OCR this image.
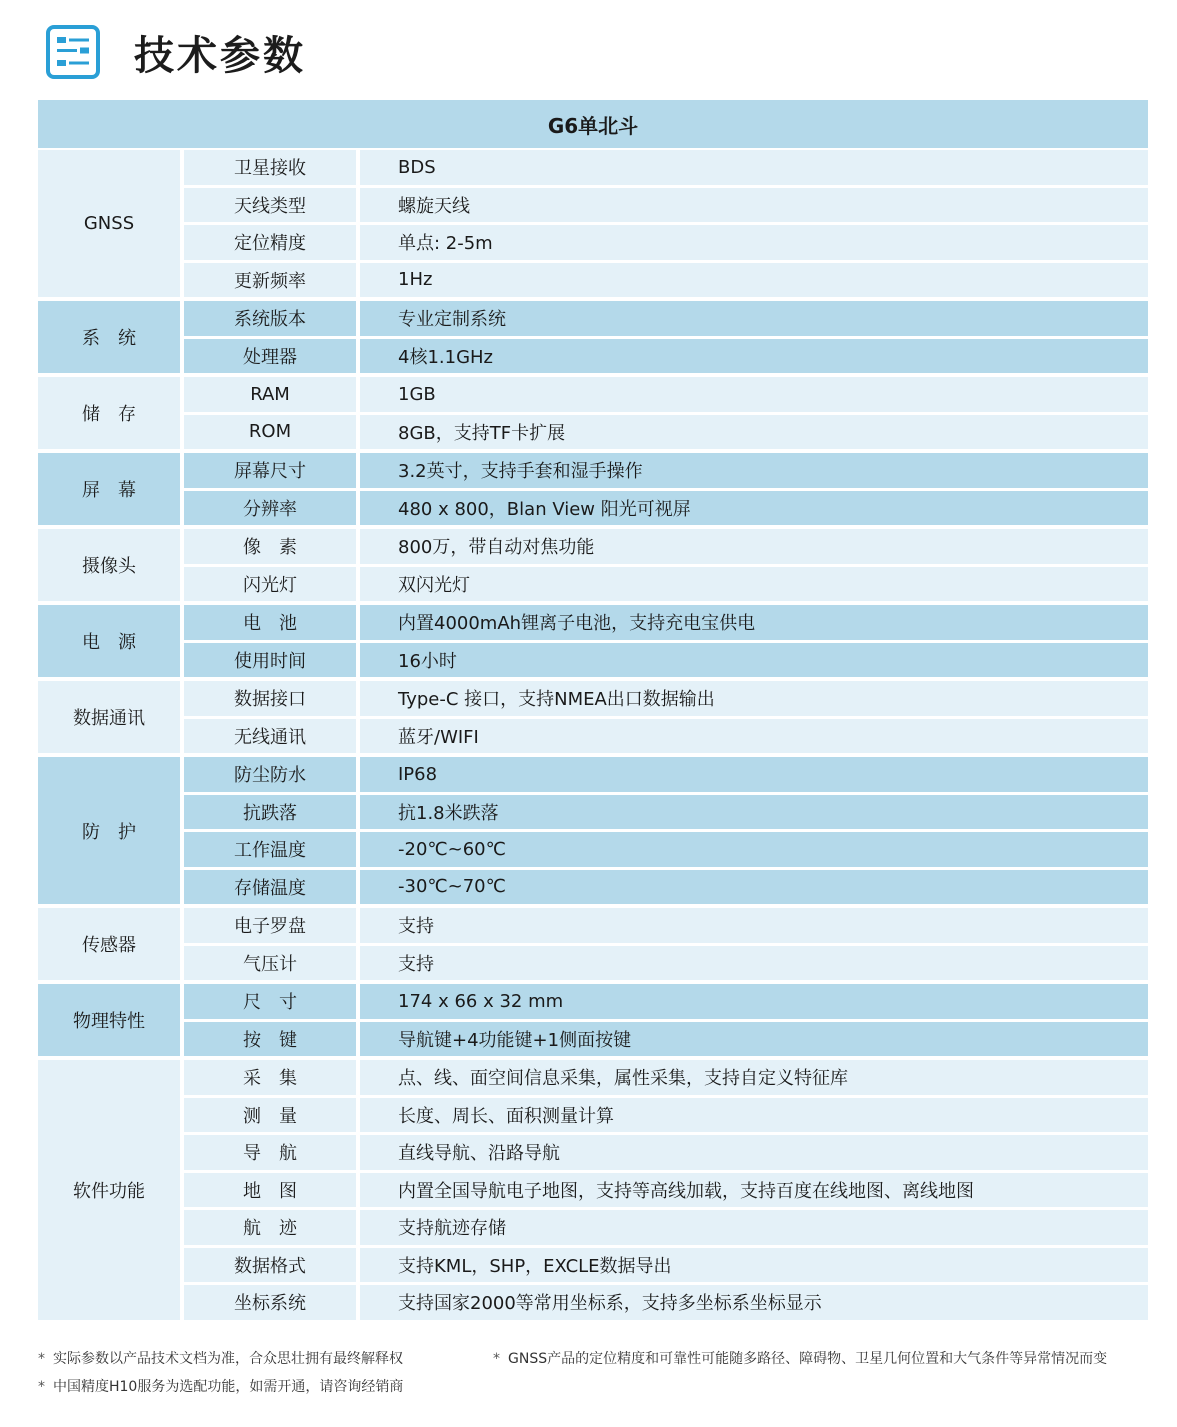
技术参数
G6单北斗
GNSS
卫星接收	BDS
天线类型	螺旋天线
定位精度	单点: 2-5m
更新频率	1Hz
系　统
系统版本	专业定制系统
处理器	4核1.1GHz
储　存
RAM	1GB
ROM	8GB，支持TF卡扩展
屏　幕
屏幕尺寸	3.2英寸，支持手套和湿手操作
分辨率	480 x 800，Blan View 阳光可视屏
摄像头
像　素	800万，带自动对焦功能
闪光灯	双闪光灯
电　源
电　池	内置4000mAh锂离子电池，支持充电宝供电
使用时间	16小时
数据通讯
数据接口	Type-C 接口，支持NMEA出口数据输出
无线通讯	蓝牙/WIFI
防　护
防尘防水	IP68
抗跌落	抗1.8米跌落
工作温度	-20℃~60℃
存储温度	-30℃~70℃
传感器
电子罗盘	支持
气压计	支持
物理特性
尺　寸	174 x 66 x 32 mm
按　键	导航键+4功能键+1侧面按键
软件功能
采　集	点、线、面空间信息采集，属性采集，支持自定义特征库
测　量	长度、周长、面积测量计算
导　航	直线导航、沿路导航
地　图	内置全国导航电子地图，支持等高线加载，支持百度在线地图、离线地图
航　迹	支持航迹存储
数据格式	支持KML，SHP，EXCLE数据导出
坐标系统	支持国家2000等常用坐标系，支持多坐标系坐标显示
* 实际参数以产品技术文档为准，合众思壮拥有最终解释权	* GNSS产品的定位精度和可靠性可能随多路径、障碍物、卫星几何位置和大气条件等异常情况而变
* 中国精度H10服务为选配功能，如需开通，请咨询经销商
